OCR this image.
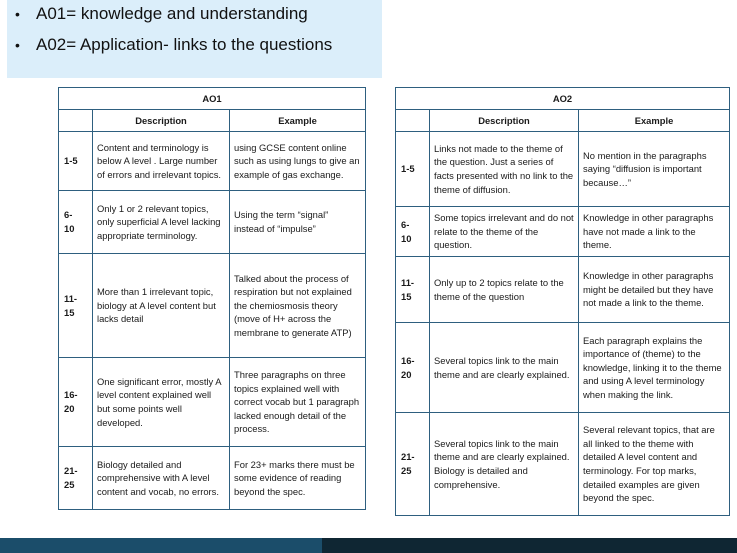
• A01= knowledge and understanding
• A02= Application- links to the questions
AO1		
	Description	Example
1-5	Content and terminology is below A level . Large number of errors and irrelevant topics.	using GCSE content online such as using lungs to give an example of gas exchange.
6-
10	Only 1 or 2 relevant topics, only superficial A level lacking appropriate terminology.	Using the term “signal” instead of “impulse”
11-
15	More than 1 irrelevant topic, biology at A level content but lacks detail	Talked about the process of respiration but not explained the chemiosmosis theory (move of H+ across the membrane to generate ATP)
16-
20	One significant error, mostly A level content explained well but some points well developed.	Three paragraphs on three topics explained well with correct vocab but 1 paragraph lacked enough detail of the process.
21-
25	Biology detailed and comprehensive with A level content and vocab, no errors.	For 23+ marks there must be some evidence of reading beyond the spec.
AO2		
	Description	Example
1-5	Links not made to the theme of the question. Just a series of facts presented with no link to the theme of diffusion.	No mention in the paragraphs saying “diffusion is important because…”
6-
10	Some topics irrelevant and do not relate to the theme of the question.	Knowledge in other paragraphs have not made a link to the theme.
11-
15	Only up to 2 topics relate to the theme of the question	Knowledge in other paragraphs might be detailed but they have not made a link to the theme.
16-
20	Several topics link to the main theme and are clearly explained.	Each paragraph explains the importance of (theme) to the knowledge, linking it to the theme and using A level terminology when making the link.
21-
25	Several topics link to the main theme and are clearly explained.
Biology is detailed and comprehensive.	Several relevant topics, that are all linked to the theme with detailed A level content and terminology. For top marks, detailed examples are given beyond the spec.
